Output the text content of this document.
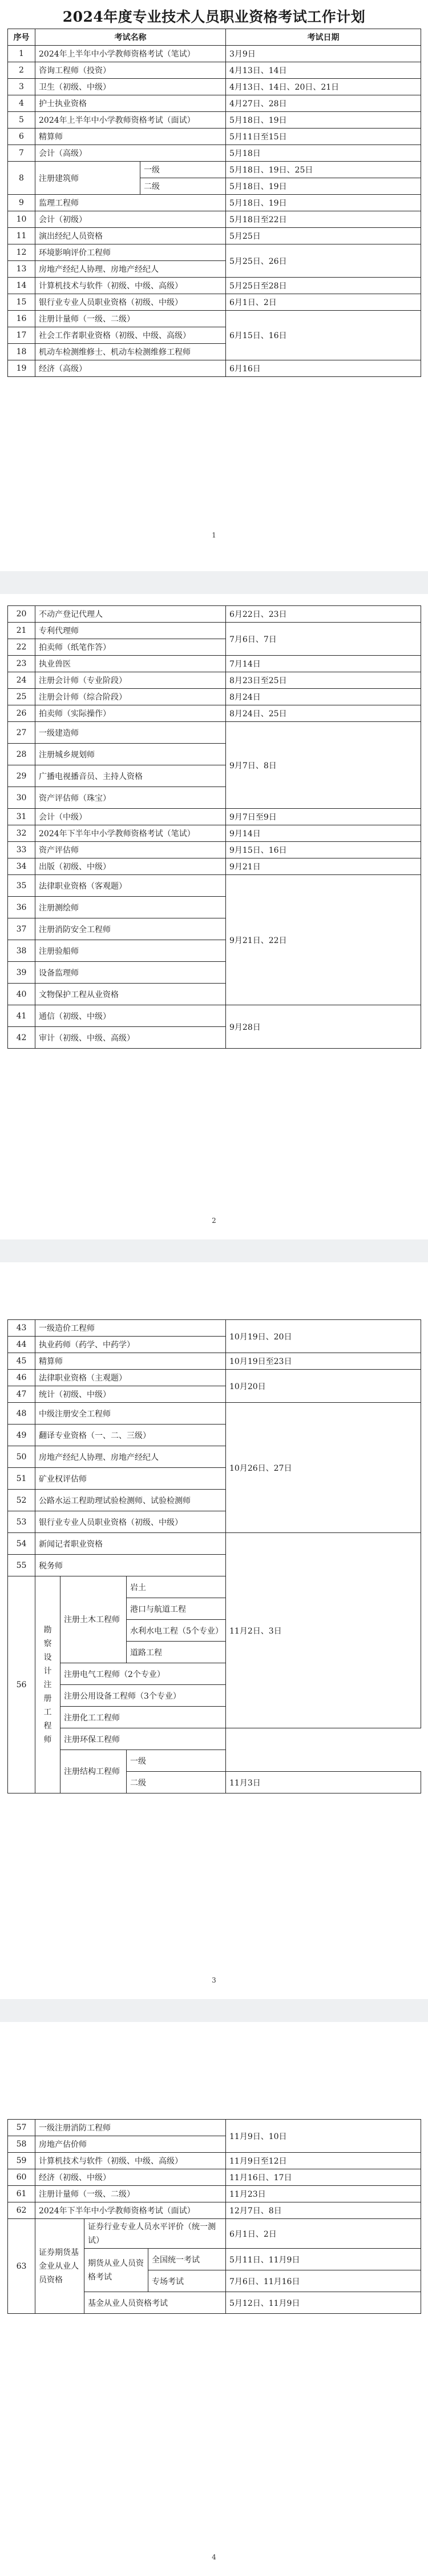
2024年度专业技术人员职业资格考试工作计划
序号	考试名称		考试日期
1	2024年上半年中小学教师资格考试（笔试）		3月9日
2	咨询工程师（投资）		4月13日、14日
3	卫生（初级、中级）		4月13日、14日、20日、21日
4	护士执业资格		4月27日、28日
5	2024年上半年中小学教师资格考试（面试）		5月18日、19日
6	精算师		5月11日至15日
7	会计（高级）		5月18日
8	注册建筑师	一级	5月18日、19日、25日
		二级	5月18日、19日
9	监理工程师		5月18日、19日
10	会计（初级）		5月18日至22日
11	演出经纪人员资格		5月25日
12	环境影响评价工程师		5月25日、26日
13	房地产经纪人协理、房地产经纪人		
14	计算机技术与软件（初级、中级、高级）		5月25日至28日
15	银行业专业人员职业资格（初级、中级）		6月1日、2日
16	注册计量师（一级、二级）		6月15日、16日
17	社会工作者职业资格（初级、中级、高级）		
18	机动车检测维修士、机动车检测维修工程师		
19	经济（高级）		6月16日
1
20	不动产登记代理人	6月22日、23日
21	专利代理师	7月6日、7日
22	拍卖师（纸笔作答）	
23	执业兽医	7月14日
24	注册会计师（专业阶段）	8月23日至25日
25	注册会计师（综合阶段）	8月24日
26	拍卖师（实际操作）	8月24日、25日
27	一级建造师	9月7日、8日
28	注册城乡规划师	
29	广播电视播音员、主持人资格	
30	资产评估师（珠宝）	
31	会计（中级）	9月7日至9日
32	2024年下半年中小学教师资格考试（笔试）	9月14日
33	资产评估师	9月15日、16日
34	出版（初级、中级）	9月21日
35	法律职业资格（客观题）	9月21日、22日
36	注册测绘师	
37	注册消防安全工程师	
38	注册验船师	
39	设备监理师	
40	文物保护工程从业资格	
41	通信（初级、中级）	9月28日
42	审计（初级、中级、高级）	
2
43	一级造价工程师			10月19日、20日
44	执业药师（药学、中药学）			
45	精算师			10月19日至23日
46	法律职业资格（主观题）			10月20日
47	统计（初级、中级）			
48	中级注册安全工程师			10月26日、27日
49	翻译专业资格（一、二、三级）			
50	房地产经纪人协理、房地产经纪人			
51	矿业权评估师			
52	公路水运工程助理试验检测师、试验检测师			
53	银行业专业人员职业资格（初级、中级）			
54	新闻记者职业资格			11月2日、3日
55	税务师			
56	勘察设计注册工程师	注册土木工程师	岩土	
			港口与航道工程	
			水利水电工程（5个专业）	
			道路工程	
		注册电气工程师（2个专业）		
		注册公用设备工程师（3个专业）		
		注册化工工程师		
		注册环保工程师		
		注册结构工程师	一级	
			二级	11月3日
3
57	一级注册消防工程师			11月9日、10日
58	房地产估价师			
59	计算机技术与软件（初级、中级、高级）			11月9日至12日
60	经济（初级、中级）			11月16日、17日
61	注册计量师（一级、二级）			11月23日
62	2024年下半年中小学教师资格考试（面试）			12月7日、8日
63	证券期货基金业从业人员资格	证券行业专业人员水平评价（统一测试）		6月1日、2日
		期货从业人员资格考试	全国统一考试	5月11日、11月9日
			专场考试	7月6日、11月16日
		基金从业人员资格考试		5月12日、11月9日
4
